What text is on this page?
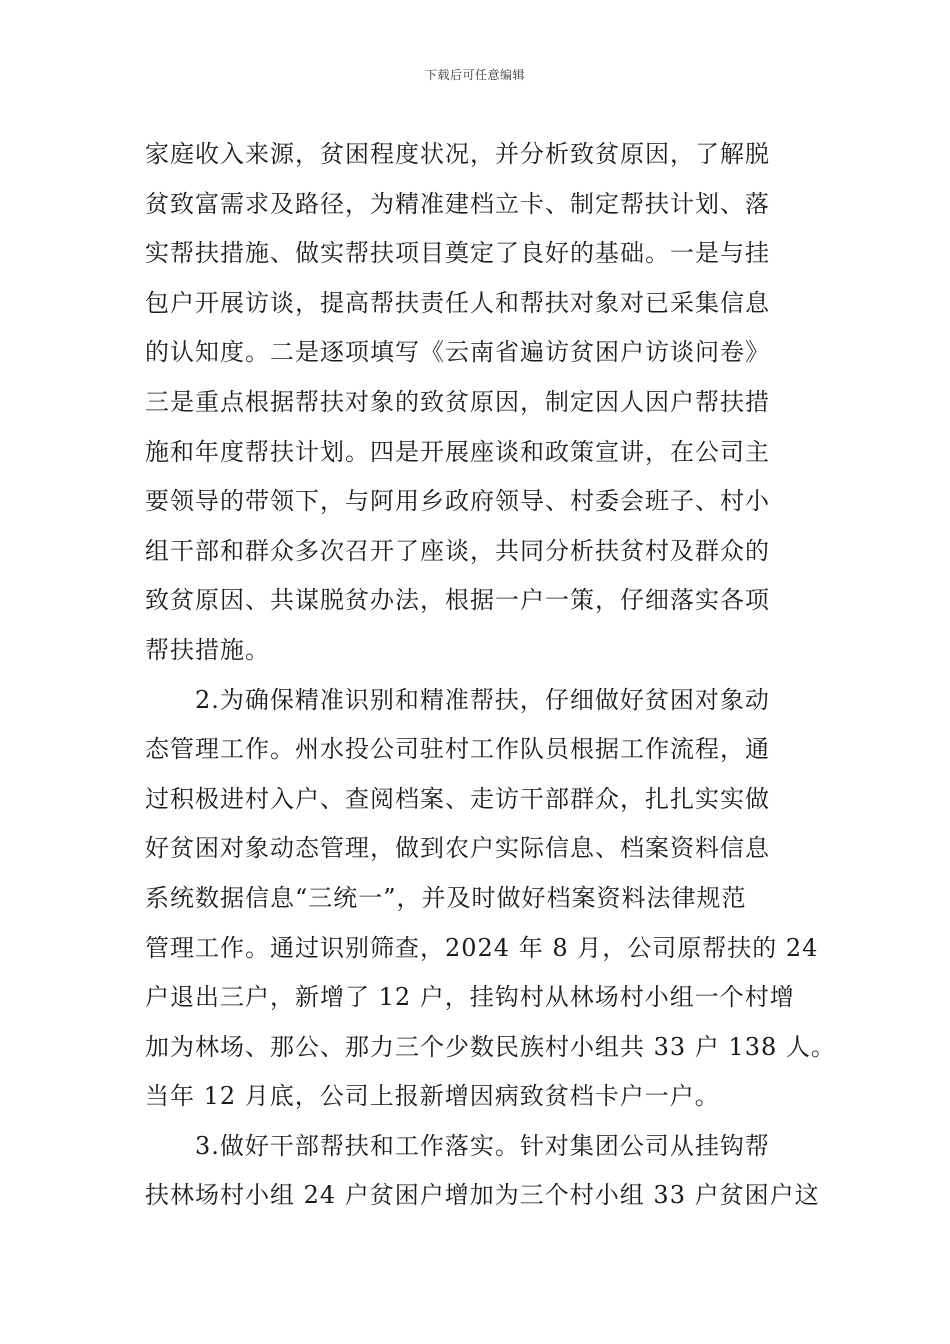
下载后可任意编辑
家庭收入来源，贫困程度状况，并分析致贫原因，了解脱
贫致富需求及路径，为精准建档立卡、制定帮扶计划、落
实帮扶措施、做实帮扶项目奠定了良好的基础。一是与挂
包户开展访谈，提高帮扶责任人和帮扶对象对已采集信息
的认知度。二是逐项填写《云南省遍访贫困户访谈问卷》
三是重点根据帮扶对象的致贫原因，制定因人因户帮扶措
施和年度帮扶计划。四是开展座谈和政策宣讲，在公司主
要领导的带领下，与阿用乡政府领导、村委会班子、村小
组干部和群众多次召开了座谈，共同分析扶贫村及群众的
致贫原因、共谋脱贫办法，根据一户一策，仔细落实各项
帮扶措施。
2.为确保精准识别和精准帮扶，仔细做好贫困对象动
态管理工作。州水投公司驻村工作队员根据工作流程，通
过积极进村入户、查阅档案、走访干部群众，扎扎实实做
好贫困对象动态管理，做到农户实际信息、档案资料信息
系统数据信息“三统一”，并及时做好档案资料法律规范
管理工作。通过识别筛查，2024 年 8 月，公司原帮扶的 24
户退出三户，新增了 12 户，挂钩村从林场村小组一个村增
加为林场、那公、那力三个少数民族村小组共 33 户 138 人。
当年 12 月底，公司上报新增因病致贫档卡户一户。
3.做好干部帮扶和工作落实。针对集团公司从挂钩帮
扶林场村小组 24 户贫困户增加为三个村小组 33 户贫困户这
